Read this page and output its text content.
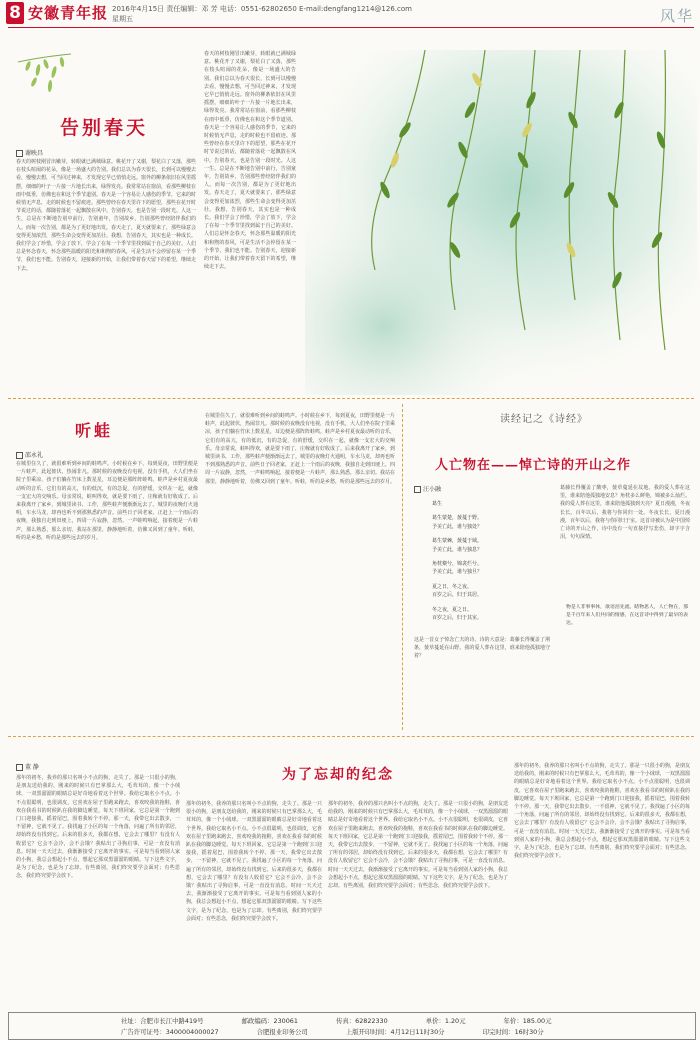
8 安徽青年报 2016年4月15日 责任编辑：邓 芳 电话：0551-62802650 E-mail:dengfang1214@126.com
星期五	风华
告别春天
谢映昌
春天的树枝刚冒出嫩芽，转眼就已满城绿意。桃花开了又谢，梨花白了又落，那些在枝头喧闹的花朵，像是一场盛大的告别。我们总以为春天很长，长到可以慢慢去看，慢慢去想，可当回过神来，才发现它早已悄悄走远。窗外的柳条依旧在风里摇摆，细细的叶子一片接一片地长出来，绿得发亮。我常常站在窗前，看那些柳枝在雨中低垂，仿佛也在和这个季节道别。春天是一个容易让人感伤的季节，它来的时候悄无声息，走的时候也不留痕迹。那些曾经在春天里许下的愿望，那些在花开时节说过的话，都随着落花一起飘散在风中。告别春天，也是告别一段时光。人这一生，总是在不断地告别中前行，告别童年，告别故乡，告别那些曾经陪伴我们的人。而每一次告别，都是为了更好地出发。春天走了，夏天就要来了，那些绿意会变得更加浓烈，那些生命会变得更加茁壮。我想，告别春天，其实也是一种成长。我们学会了珍惜，学会了放下，学会了在每一个季节里找到属于自己的美好。人们总是怀念春天，怀念那些温暖的阳光和和煦的春风，可是生活不会停留在某一个季节，我们也不能。告别春天，迎接新的开始，让我们带着春天留下的希望，继续走下去。
春天的树枝刚冒出嫩芽，转眼就已满城绿意。桃花开了又谢，梨花白了又落，那些在枝头喧闹的花朵，像是一场盛大的告别。我们总以为春天很长，长到可以慢慢去看，慢慢去想，可当回过神来，才发现它早已悄悄走远。窗外的柳条依旧在风里摇摆，细细的叶子一片接一片地长出来，绿得发亮。我常常站在窗前，看那些柳枝在雨中低垂，仿佛也在和这个季节道别。春天是一个容易让人感伤的季节，它来的时候悄无声息，走的时候也不留痕迹。那些曾经在春天里许下的愿望，那些在花开时节说过的话，都随着落花一起飘散在风中。告别春天，也是告别一段时光。人这一生，总是在不断地告别中前行，告别童年，告别故乡，告别那些曾经陪伴我们的人。而每一次告别，都是为了更好地出发。春天走了，夏天就要来了，那些绿意会变得更加浓烈，那些生命会变得更加茁壮。我想，告别春天，其实也是一种成长。我们学会了珍惜，学会了放下，学会了在每一个季节里找到属于自己的美好。人们总是怀念春天，怀念那些温暖的阳光和和煦的春风，可是生活不会停留在某一个季节，我们也不能。告别春天，迎接新的开始，让我们带着春天留下的希望，继续走下去。
听蛙
邵永礼
在城里住久了，就很难听到乡间的蛙鸣声。小时候在乡下，每到夏夜，田野里便是一片蛙声，此起彼伏，热闹非凡。那时候的夜晚没有电视，没有手机，大人们坐在院子里乘凉，孩子们躺在竹床上数星星，耳边便是那阵阵蛙鸣。蛙声是乡村夏夜最动听的音乐，它们有的高亢，有的低沉，有的急促，有的舒缓，交织在一起，就像一支宏大的交响乐。母亲常说，蛙叫得欢，就是要下雨了，庄稼就有好收成了。后来我离开了家乡，到城里读书、工作，那些蛙声便渐渐远去了。城里的夜晚灯火通明，车水马龙，却再也听不到那熟悉的声音。前些日子回老家，正赶上一个雨后的夜晚，我独自走到田埂上，四周一片寂静，忽然，一声蛙鸣响起，接着便是一片蛙声，那么熟悉，那么亲切。我站在那里，静静地听着，仿佛又回到了童年。听蛙，听的是乡愁，听的是那些远去的岁月。
在城里住久了，就很难听到乡间的蛙鸣声。小时候在乡下，每到夏夜，田野里便是一片蛙声，此起彼伏，热闹非凡。那时候的夜晚没有电视，没有手机，大人们坐在院子里乘凉，孩子们躺在竹床上数星星，耳边便是那阵阵蛙鸣。蛙声是乡村夏夜最动听的音乐，它们有的高亢，有的低沉，有的急促，有的舒缓，交织在一起，就像一支宏大的交响乐。母亲常说，蛙叫得欢，就是要下雨了，庄稼就有好收成了。后来我离开了家乡，到城里读书、工作，那些蛙声便渐渐远去了。城里的夜晚灯火通明，车水马龙，却再也听不到那熟悉的声音。前些日子回老家，正赶上一个雨后的夜晚，我独自走到田埂上，四周一片寂静，忽然，一声蛙鸣响起，接着便是一片蛙声，那么熟悉，那么亲切。我站在那里，静静地听着，仿佛又回到了童年。听蛙，听的是乡愁，听的是那些远去的岁月。
读经记之《诗经》
人亡物在——悼亡诗的开山之作
汪小融
葛生
葛生蒙楚，蔹蔓于野。
予美亡此，谁与独处？
葛生蒙棘，蔹蔓于域。
予美亡此，谁与独息？
角枕粲兮，锦衾烂兮。
予美亡此，谁与独旦？
夏之日，冬之夜。
百岁之后，归于其居。
冬之夜，夏之日。
百岁之后，归于其室。
这是一首女子悼念亡夫的诗。诗的大意是：葛藤长得覆盖了荆条，蔹草蔓延在山野。我的爱人葬在这里，谁来陪他孤独地守着？
葛藤长得覆盖了酸枣，蔹草蔓延在坟地。我的爱人葬在这里，谁来陪他孤独地安息？角枕多么鲜艳，锦被多么灿烂。我的爱人葬在这里，谁来陪他孤独到天亮？夏日漫漫，冬夜长长。百年以后，我将与你同归一处。冬夜长长，夏日漫漫，百年以后，我将与你同归于室。这首诗被认为是中国悼亡诗的开山之作，诗中没有一句直接抒写悲伤，却字字含泪，句句深情。
物是人非事事休，欲语泪先流。睹物思人，人亡物在，那是千百年来人们共同的情感，在这首诗中得到了最早的表达。
为了忘却的纪念
董 静
那年的初冬，我养的那只名叫小不点的狗，走失了。那是一只很小的狗，是朋友送给我的，刚来的时候只有巴掌那么大，毛茸茸的，像一个小绒球，一双黑溜溜的眼睛总是好奇地看着这个世界。我给它取名小不点。小不点很聪明，也很调皮，它喜欢在屋子里跑来跑去，喜欢咬我的拖鞋，喜欢在我看书的时候趴在我的脚边睡觉。每天下班回家，它总是第一个跑到门口迎接我，摇着尾巴，围着我转个不停。那一天，我带它出去散步，一不留神，它就不见了。我找遍了小区的每一个角落，问遍了所有的邻居，却始终没有找到它。后来的很多天，我都在想，它会去了哪里？有没有人收留它？它会不会冷，会不会饿？我贴出了寻狗启事，可是一直没有消息。时间一天天过去，我渐渐接受了它离开的事实。可是每当看到别人家的小狗，我总会想起小不点，想起它那双黑溜溜的眼睛。写下这些文字，是为了纪念，也是为了忘却。有些离别，我们终究要学会面对；有些思念，我们终究要学会放下。
那年的初冬，我养的那只名叫小不点的狗，走失了。那是一只很小的狗，是朋友送给我的，刚来的时候只有巴掌那么大，毛茸茸的，像一个小绒球，一双黑溜溜的眼睛总是好奇地看着这个世界。我给它取名小不点。小不点很聪明，也很调皮，它喜欢在屋子里跑来跑去，喜欢咬我的拖鞋，喜欢在我看书的时候趴在我的脚边睡觉。每天下班回家，它总是第一个跑到门口迎接我，摇着尾巴，围着我转个不停。那一天，我带它出去散步，一不留神，它就不见了。我找遍了小区的每一个角落，问遍了所有的邻居，却始终没有找到它。后来的很多天，我都在想，它会去了哪里？有没有人收留它？它会不会冷，会不会饿？我贴出了寻狗启事，可是一直没有消息。时间一天天过去，我渐渐接受了它离开的事实。可是每当看到别人家的小狗，我总会想起小不点，想起它那双黑溜溜的眼睛。写下这些文字，是为了纪念，也是为了忘却。有些离别，我们终究要学会面对；有些思念，我们终究要学会放下。
那年的初冬，我养的那只名叫小不点的狗，走失了。那是一只很小的狗，是朋友送给我的，刚来的时候只有巴掌那么大，毛茸茸的，像一个小绒球，一双黑溜溜的眼睛总是好奇地看着这个世界。我给它取名小不点。小不点很聪明，也很调皮，它喜欢在屋子里跑来跑去，喜欢咬我的拖鞋，喜欢在我看书的时候趴在我的脚边睡觉。每天下班回家，它总是第一个跑到门口迎接我，摇着尾巴，围着我转个不停。那一天，我带它出去散步，一不留神，它就不见了。我找遍了小区的每一个角落，问遍了所有的邻居，却始终没有找到它。后来的很多天，我都在想，它会去了哪里？有没有人收留它？它会不会冷，会不会饿？我贴出了寻狗启事，可是一直没有消息。时间一天天过去，我渐渐接受了它离开的事实。可是每当看到别人家的小狗，我总会想起小不点，想起它那双黑溜溜的眼睛。写下这些文字，是为了纪念，也是为了忘却。有些离别，我们终究要学会面对；有些思念，我们终究要学会放下。
那年的初冬，我养的那只名叫小不点的狗，走失了。那是一只很小的狗，是朋友送给我的，刚来的时候只有巴掌那么大，毛茸茸的，像一个小绒球，一双黑溜溜的眼睛总是好奇地看着这个世界。我给它取名小不点。小不点很聪明，也很调皮，它喜欢在屋子里跑来跑去，喜欢咬我的拖鞋，喜欢在我看书的时候趴在我的脚边睡觉。每天下班回家，它总是第一个跑到门口迎接我，摇着尾巴，围着我转个不停。那一天，我带它出去散步，一不留神，它就不见了。我找遍了小区的每一个角落，问遍了所有的邻居，却始终没有找到它。后来的很多天，我都在想，它会去了哪里？有没有人收留它？它会不会冷，会不会饿？我贴出了寻狗启事，可是一直没有消息。时间一天天过去，我渐渐接受了它离开的事实。可是每当看到别人家的小狗，我总会想起小不点，想起它那双黑溜溜的眼睛。写下这些文字，是为了纪念，也是为了忘却。有些离别，我们终究要学会面对；有些思念，我们终究要学会放下。
社址：合肥市长江中路419号	邮政编码：230061	传真：62822330	单价：1.20元	年价：185.00元
广告许可证号：3400004000027	合肥报业印务公司	上版开印时间：4月12日11时30分	印完时间：16时30分
